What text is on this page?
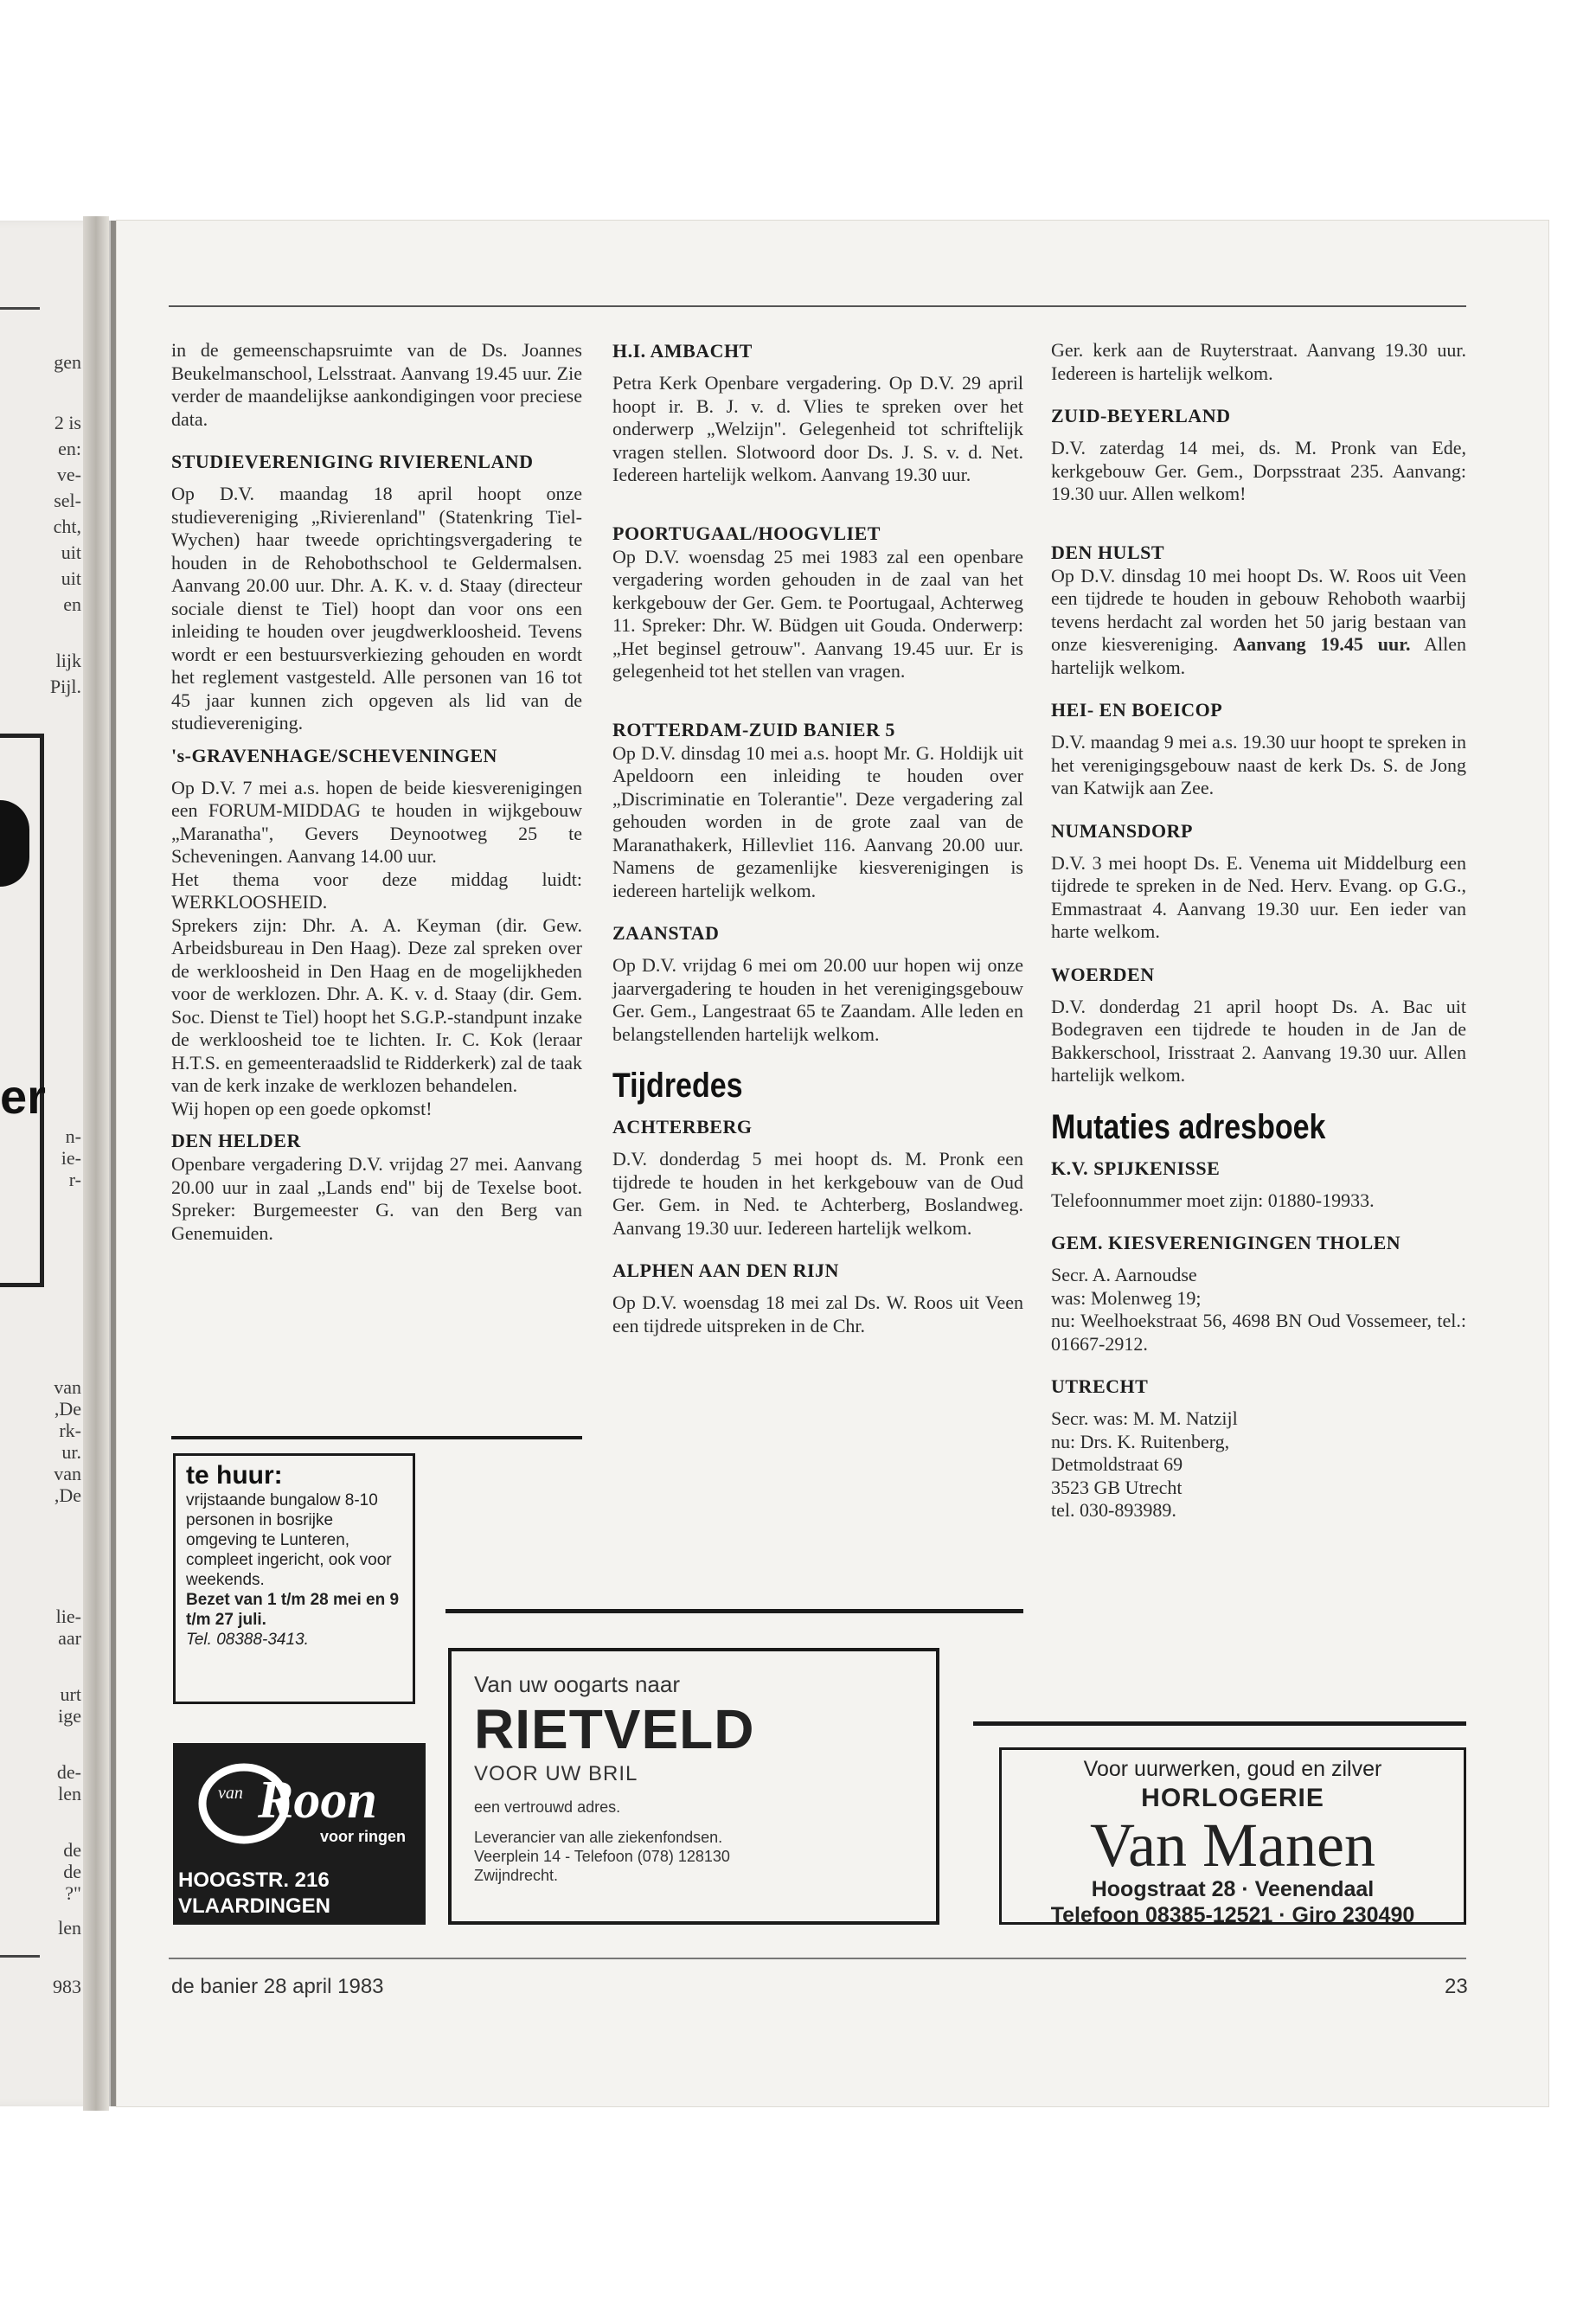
gen
2 is
en:
ve-
sel-
cht,
uit
uit
en
lijk
Pijl.
n-
ie-
r-
van
,De
rk-
ur.
van
,De
lie-
aar
urt
ige
de-
len
de
de
?"
len
983
er

in de gemeenschapsruimte van de Ds. Joannes Beukelmanschool, Lelsstraat. Aanvang 19.45 uur. Zie verder de maandelijkse aankondigingen voor preciese data.

STUDIEVERENIGING RIVIERENLAND

Op D.V. maandag 18 april hoopt onze studievereniging „Rivierenland" (Statenkring Tiel-Wychen) haar tweede oprichtingsvergadering te houden in de Rehobothschool te Geldermalsen. Aanvang 20.00 uur. Dhr. A. K. v. d. Staay (directeur sociale dienst te Tiel) hoopt dan voor ons een inleiding te houden over jeugdwerkloosheid. Tevens wordt er een bestuursverkiezing gehouden en wordt het reglement vastgesteld. Alle personen van 16 tot 45 jaar kunnen zich opgeven als lid van de studievereniging.

's-GRAVENHAGE/SCHEVENINGEN

Op D.V. 7 mei a.s. hopen de beide kiesverenigingen een FORUM-MIDDAG te houden in wijkgebouw „Maranatha", Gevers Deynootweg 25 te Scheveningen. Aanvang 14.00 uur.

Het thema voor deze middag luidt: WERKLOOSHEID.

Sprekers zijn: Dhr. A. A. Keyman (dir. Gew. Arbeidsbureau in Den Haag). Deze zal spreken over de werkloosheid in Den Haag en de mogelijkheden voor de werklozen. Dhr. A. K. v. d. Staay (dir. Gem. Soc. Dienst te Tiel) hoopt het S.G.P.-standpunt inzake de werkloosheid toe te lichten. Ir. C. Kok (leraar H.T.S. en gemeenteraadslid te Ridderkerk) zal de taak van de kerk inzake de werklozen behandelen.

Wij hopen op een goede opkomst!

DEN HELDER

Openbare vergadering D.V. vrijdag 27 mei. Aanvang 20.00 uur in zaal „Lands end" bij de Texelse boot. Spreker: Burgemeester G. van den Berg van Genemuiden.

H.I. AMBACHT

Petra Kerk Openbare vergadering. Op D.V. 29 april hoopt ir. B. J. v. d. Vlies te spreken over het onderwerp „Welzijn". Gelegenheid tot schriftelijk vragen stellen. Slotwoord door Ds. J. S. v. d. Net. Iedereen hartelijk welkom. Aanvang 19.30 uur.

POORTUGAAL/HOOGVLIET

Op D.V. woensdag 25 mei 1983 zal een openbare vergadering worden gehouden in de zaal van het kerkgebouw der Ger. Gem. te Poortugaal, Achterweg 11. Spreker: Dhr. W. Büdgen uit Gouda. Onderwerp: „Het beginsel getrouw". Aanvang 19.45 uur. Er is gelegenheid tot het stellen van vragen.

ROTTERDAM-ZUID BANIER 5

Op D.V. dinsdag 10 mei a.s. hoopt Mr. G. Holdijk uit Apeldoorn een inleiding te houden over „Discriminatie en Tolerantie". Deze vergadering zal gehouden worden in de grote zaal van de Maranathakerk, Hillevliet 116. Aanvang 20.00 uur. Namens de gezamenlijke kiesverenigingen is iedereen hartelijk welkom.

ZAANSTAD

Op D.V. vrijdag 6 mei om 20.00 uur hopen wij onze jaarvergadering te houden in het verenigingsgebouw Ger. Gem., Langestraat 65 te Zaandam. Alle leden en belangstellenden hartelijk welkom.

Tijdredes
ACHTERBERG

D.V. donderdag 5 mei hoopt ds. M. Pronk een tijdrede te houden in het kerkgebouw van de Oud Ger. Gem. in Ned. te Achterberg, Boslandweg. Aanvang 19.30 uur. Iedereen hartelijk welkom.

ALPHEN AAN DEN RIJN

Op D.V. woensdag 18 mei zal Ds. W. Roos uit Veen een tijdrede uitspreken in de Chr.

Ger. kerk aan de Ruyterstraat. Aanvang 19.30 uur. Iedereen is hartelijk welkom.

ZUID-BEYERLAND

D.V. zaterdag 14 mei, ds. M. Pronk van Ede, kerkgebouw Ger. Gem., Dorpsstraat 235. Aanvang: 19.30 uur. Allen welkom!

DEN HULST

Op D.V. dinsdag 10 mei hoopt Ds. W. Roos uit Veen een tijdrede te houden in gebouw Rehoboth waarbij tevens herdacht zal worden het 50 jarig bestaan van onze kiesvereniging. Aanvang 19.45 uur. Allen hartelijk welkom.

HEI- EN BOEICOP

D.V. maandag 9 mei a.s. 19.30 uur hoopt te spreken in het verenigingsgebouw naast de kerk Ds. S. de Jong van Katwijk aan Zee.

NUMANSDORP

D.V. 3 mei hoopt Ds. E. Venema uit Middelburg een tijdrede te spreken in de Ned. Herv. Evang. op G.G., Emmastraat 4. Aanvang 19.30 uur. Een ieder van harte welkom.

WOERDEN

D.V. donderdag 21 april hoopt Ds. A. Bac uit Bodegraven een tijdrede te houden in de Jan de Bakkerschool, Irisstraat 2. Aanvang 19.30 uur. Allen hartelijk welkom.

Mutaties adresboek
K.V. SPIJKENISSE

Telefoonnummer moet zijn: 01880-19933.

GEM. KIESVERENIGINGEN THOLEN

Secr. A. Aarnoudse

was: Molenweg 19;

nu: Weelhoekstraat 56, 4698 BN Oud Vossemeer, tel.: 01667-2912.

UTRECHT

Secr. was: M. M. Natzijl

nu: Drs. K. Ruitenberg,

Detmoldstraat 69

3523 GB Utrecht

tel. 030-893989.

te huur:
vrijstaande bungalow 8-10 personen in bosrijke omgeving te Lunteren, compleet ingericht, ook voor weekends.
Bezet van 1 t/m 28 mei en 9 t/m 27 juli.
Tel. 08388-3413.
van Roon
voor ringen
HOOGSTR. 216
VLAARDINGEN
Van uw oogarts naar
RIETVELD
VOOR UW BRIL
een vertrouwd adres.
Leverancier van alle ziekenfondsen.
Veerplein 14 - Telefoon (078) 128130
Zwijndrecht.
Voor uurwerken, goud en zilver
HORLOGERIE
Van Manen
Hoogstraat 28 · Veenendaal
Telefoon 08385-12521 · Giro 230490
de banier 28 april 1983	23
